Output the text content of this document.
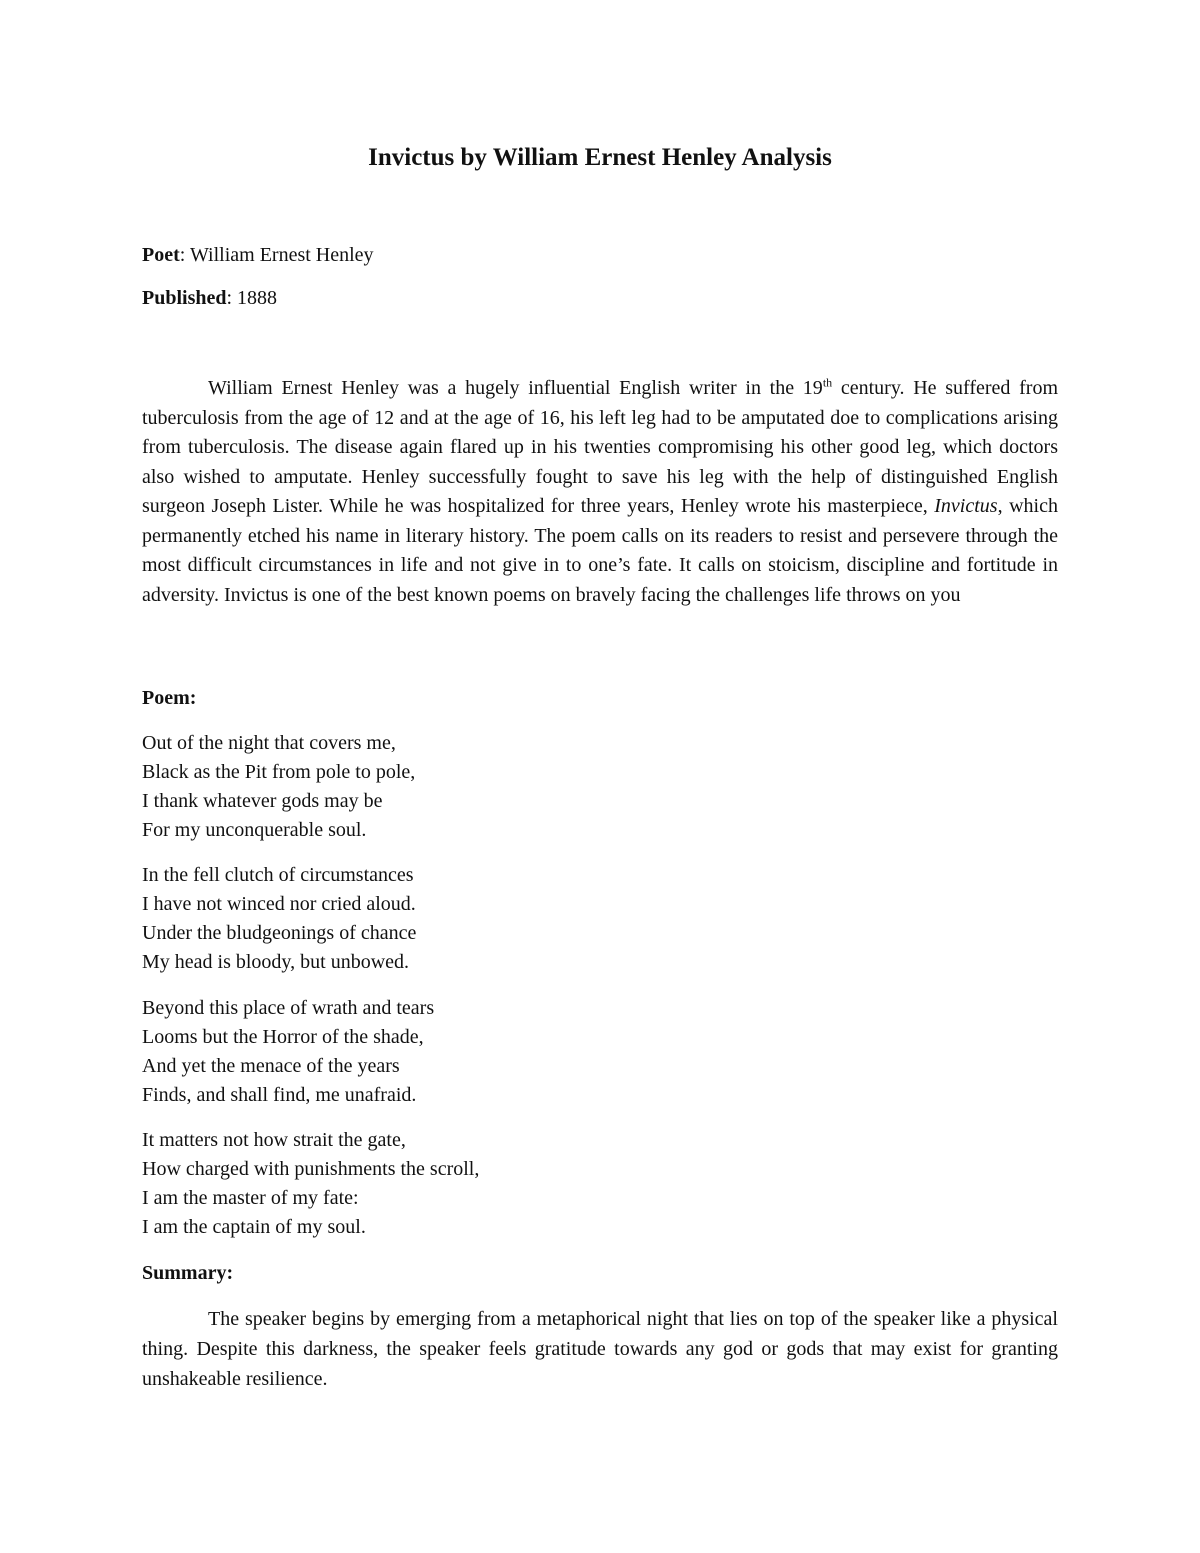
Invictus by William Ernest Henley Analysis
Poet: William Ernest Henley
Published: 1888

William Ernest Henley was a hugely influential English writer in the 19th century. He suffered from tuberculosis from the age of 12 and at the age of 16, his left leg had to be amputated doe to complications arising from tuberculosis. The disease again flared up in his twenties compromising his other good leg, which doctors also wished to amputate. Henley successfully fought to save his leg with the help of distinguished English surgeon Joseph Lister. While he was hospitalized for three years, Henley wrote his masterpiece, Invictus, which permanently etched his name in literary history. The poem calls on its readers to resist and persevere through the most difficult circumstances in life and not give in to one’s fate. It calls on stoicism, discipline and fortitude in adversity. Invictus is one of the best known poems on bravely facing the challenges life throws on you

Poem:
Out of the night that covers me,
Black as the Pit from pole to pole,
I thank whatever gods may be
For my unconquerable soul.
In the fell clutch of circumstances
I have not winced nor cried aloud.
Under the bludgeonings of chance
My head is bloody, but unbowed.
Beyond this place of wrath and tears
Looms but the Horror of the shade,
And yet the menace of the years
Finds, and shall find, me unafraid.
It matters not how strait the gate,
How charged with punishments the scroll,
I am the master of my fate:
I am the captain of my soul.
Summary:

The speaker begins by emerging from a metaphorical night that lies on top of the speaker like a physical thing. Despite this darkness, the speaker feels gratitude towards any god or gods that may exist for granting unshakeable resilience.
